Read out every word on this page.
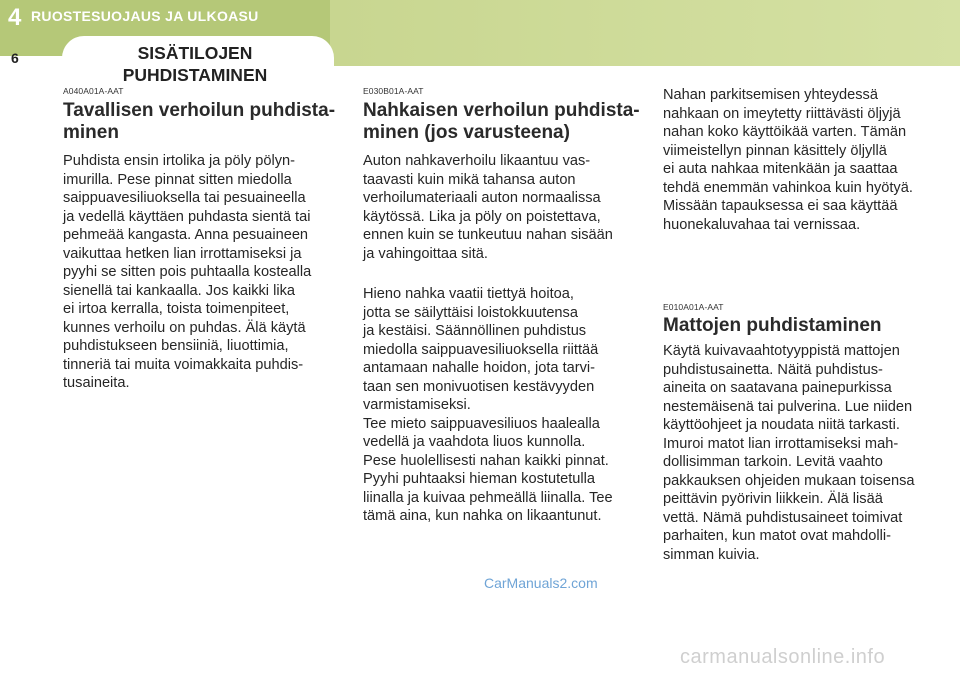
4 RUOSTESUOJAUS JA ULKOASU
6	SISÄTILOJEN
PUHDISTAMINEN
A040A01A-AAT
Tavallisen verhoilun puhdista-
minen
Puhdista ensin irtolika ja pöly pölyn-
imurilla. Pese pinnat sitten miedolla
saippuavesiliuoksella tai pesuaineella
ja vedellä käyttäen puhdasta sientä tai
pehmeää kangasta. Anna pesuaineen
vaikuttaa hetken lian irrottamiseksi ja
pyyhi se sitten pois puhtaalla kostealla
sienellä tai kankaalla. Jos kaikki lika
ei irtoa kerralla, toista toimenpiteet,
kunnes verhoilu on puhdas. Älä käytä
puhdistukseen bensiiniä, liuottimia,
tinneriä tai muita voimakkaita puhdis-
tusaineita.
E030B01A-AAT
Nahkaisen verhoilun puhdista-
minen (jos varusteena)
Auton nahkaverhoilu likaantuu vas-
taavasti kuin mikä tahansa auton
verhoilumateriaali auton normaalissa
käytössä. Lika ja pöly on poistettava,
ennen kuin se tunkeutuu nahan sisään
ja vahingoittaa sitä.
Hieno nahka vaatii tiettyä hoitoa,
jotta se säilyttäisi loistokkuutensa
ja kestäisi. Säännöllinen puhdistus
miedolla saippuavesiliuoksella riittää
antamaan nahalle hoidon, jota tarvi-
taan sen monivuotisen kestävyyden
varmistamiseksi.
Tee mieto saippuavesiliuos haalealla
vedellä ja vaahdota liuos kunnolla.
Pese huolellisesti nahan kaikki pinnat.
Pyyhi puhtaaksi hieman kostutetulla
liinalla ja kuivaa pehmeällä liinalla. Tee
tämä aina, kun nahka on likaantunut.
Nahan parkitsemisen yhteydessä
nahkaan on imeytetty riittävästi öljyjä
nahan koko käyttöikää varten. Tämän
viimeistellyn pinnan käsittely öljyllä
ei auta nahkaa mitenkään ja saattaa
tehdä enemmän vahinkoa kuin hyötyä.
Missään tapauksessa ei saa käyttää
huonekaluvahaa tai vernissaa.
E010A01A-AAT
Mattojen puhdistaminen
Käytä kuivavaahtotyyppistä mattojen
puhdistusainetta. Näitä puhdistus-
aineita on saatavana painepurkissa
nestemäisenä tai pulverina. Lue niiden
käyttöohjeet ja noudata niitä tarkasti.
Imuroi matot lian irrottamiseksi mah-
dollisimman tarkoin. Levitä vaahto
pakkauksen ohjeiden mukaan toisensa
peittävin pyörivin liikkein. Älä lisää
vettä. Nämä puhdistusaineet toimivat
parhaiten, kun matot ovat mahdolli-
simman kuivia.
CarManuals2.com
carmanualsonline.info
